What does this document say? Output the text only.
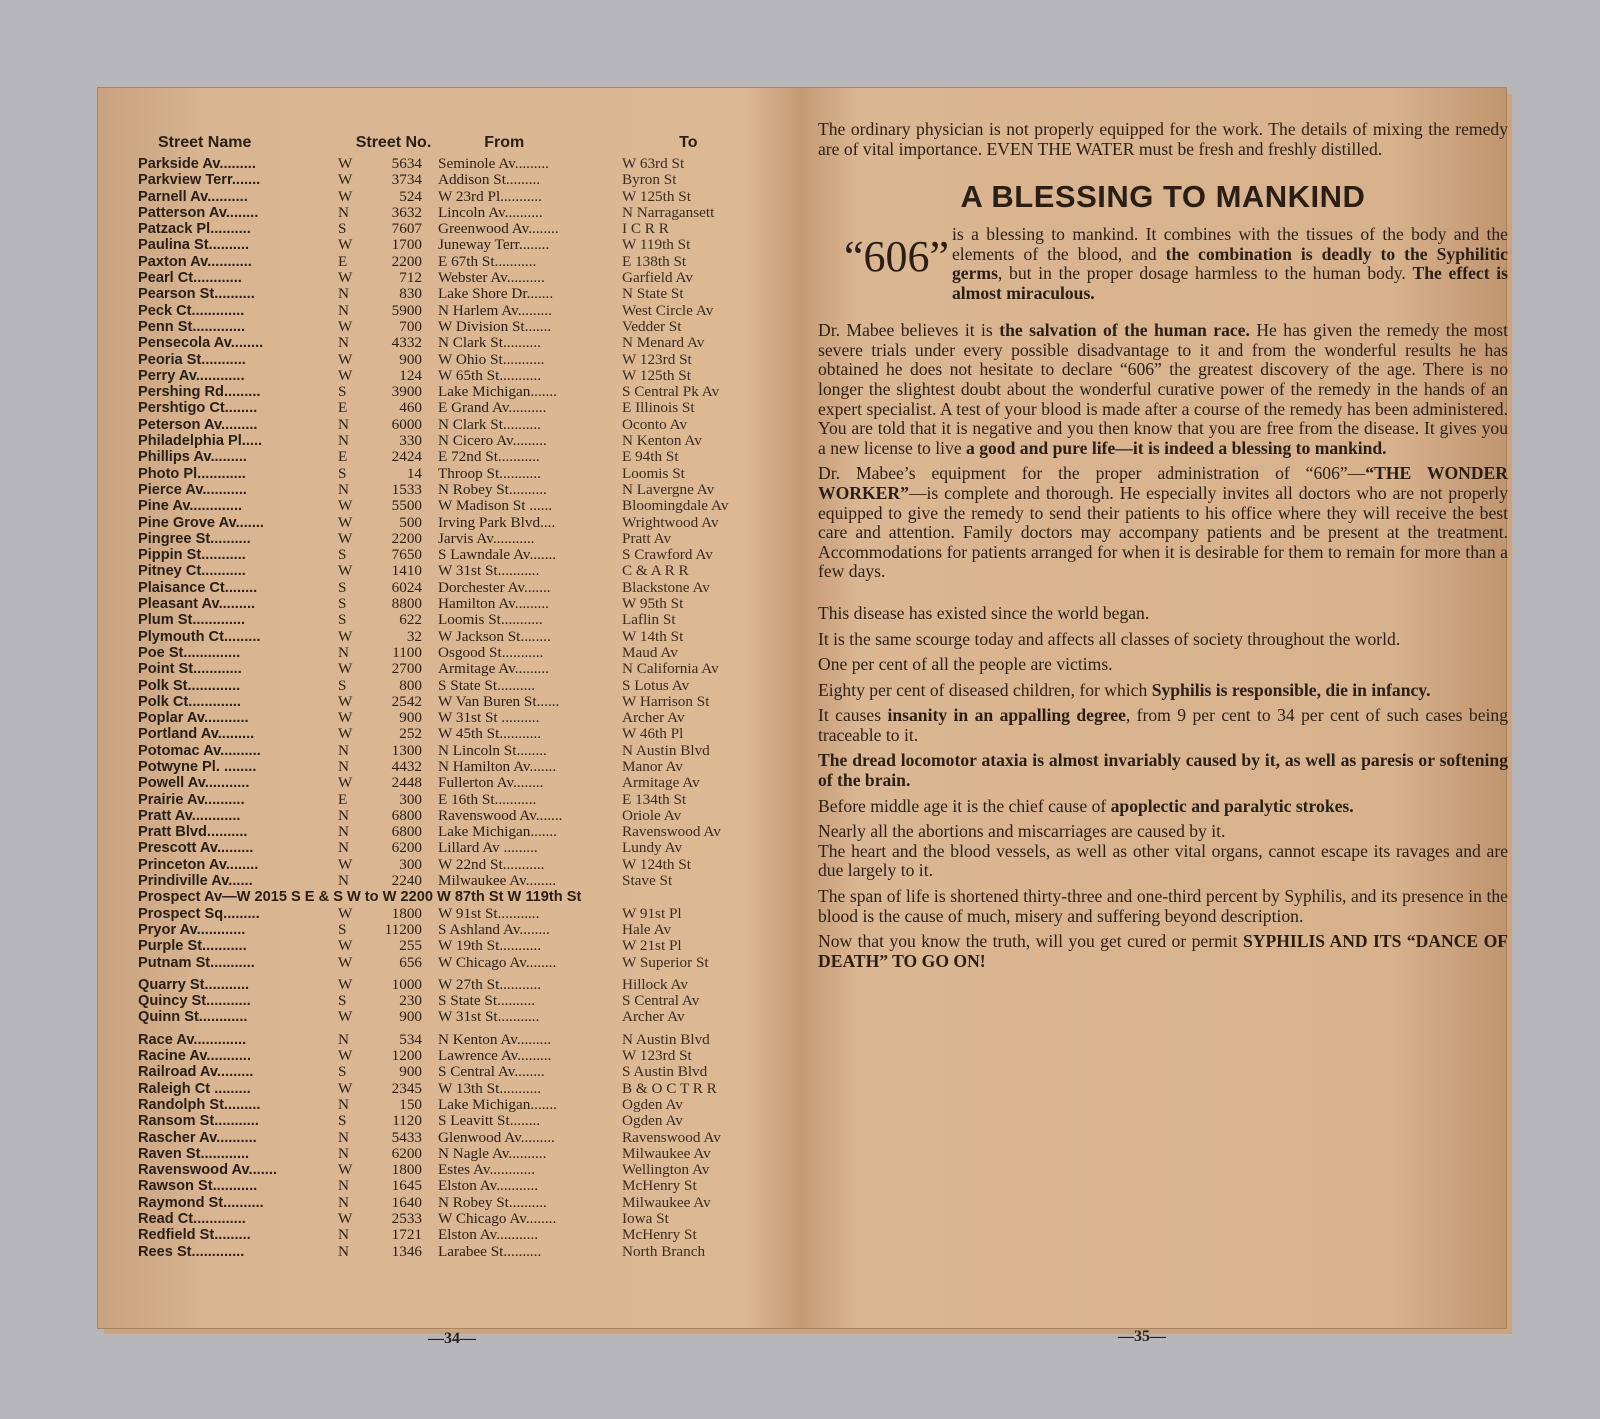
Street Name	Street No.	From	To
Parkside Av.........	W	5634	Seminole Av.........	W 63rd St
Parkview Terr.......	W	3734	Addison St.........	Byron St
Parnell Av..........	W	524	W 23rd Pl...........	W 125th St
Patterson Av........	N	3632	Lincoln Av..........	N Narragansett
Patzack Pl..........	S	7607	Greenwood Av........	I C R R
Paulina St..........	W	1700	Juneway Terr........	W 119th St
Paxton Av...........	E	2200	E 67th St...........	E 138th St
Pearl Ct............	W	712	Webster Av..........	Garfield Av
Pearson St..........	N	830	Lake Shore Dr.......	N State St
Peck Ct.............	N	5900	N Harlem Av.........	West Circle Av
Penn St.............	W	700	W Division St.......	Vedder St
Pensecola Av........	N	4332	N Clark St..........	N Menard Av
Peoria St...........	W	900	W Ohio St...........	W 123rd St
Perry Av............	W	124	W 65th St...........	W 125th St
Pershing Rd.........	S	3900	Lake Michigan.......	S Central Pk Av
Pershtigo Ct........	E	460	E Grand Av..........	E Illinois St
Peterson Av.........	N	6000	N Clark St..........	Oconto Av
Philadelphia Pl.....	N	330	N Cicero Av.........	N Kenton Av
Phillips Av.........	E	2424	E 72nd St...........	E 94th St
Photo Pl............	S	14	Throop St...........	Loomis St
Pierce Av...........	N	1533	N Robey St..........	N Lavergne Av
Pine Av.............	W	5500	W Madison St ......	Bloomingdale Av
Pine Grove Av.......	W	500	Irving Park Blvd....	Wrightwood Av
Pingree St..........	W	2200	Jarvis Av...........	Pratt Av
Pippin St...........	S	7650	S Lawndale Av.......	S Crawford Av
Pitney Ct...........	W	1410	W 31st St...........	C & A R R
Plaisance Ct........	S	6024	Dorchester Av.......	Blackstone Av
Pleasant Av.........	S	8800	Hamilton Av.........	W 95th St
Plum St.............	S	622	Loomis St...........	Laflin St
Plymouth Ct.........	W	32	W Jackson St........	W 14th St
Poe St..............	N	1100	Osgood St...........	Maud Av
Point St............	W	2700	Armitage Av.........	N California Av
Polk St.............	S	800	S State St..........	S Lotus Av
Polk Ct.............	W	2542	W Van Buren St......	W Harrison St
Poplar Av...........	W	900	W 31st St ..........	Archer Av
Portland Av.........	W	252	W 45th St...........	W 46th Pl
Potomac Av..........	N	1300	N Lincoln St........	N Austin Blvd
Potwyne Pl. ........	N	4432	N Hamilton Av.......	Manor Av
Powell Av...........	W	2448	Fullerton Av........	Armitage Av
Prairie Av..........	E	300	E 16th St...........	E 134th St
Pratt Av............	N	6800	Ravenswood Av.......	Oriole Av
Pratt Blvd..........	N	6800	Lake Michigan.......	Ravenswood Av
Prescott Av.........	N	6200	Lillard Av .........	Lundy Av
Princeton Av........	W	300	W 22nd St...........	W 124th St
Prindiville Av......	N	2240	Milwaukee Av........	Stave St
Prospect Av—W 2015 S E & S W to W 2200 W 87th St W 119th St
Prospect Sq.........	W	1800	W 91st St...........	W 91st Pl
Pryor Av............	S	11200	S Ashland Av........	Hale Av
Purple St...........	W	255	W 19th St...........	W 21st Pl
Putnam St...........	W	656	W Chicago Av........	W Superior St
Quarry St...........	W	1000	W 27th St...........	Hillock Av
Quincy St...........	S	230	S State St..........	S Central Av
Quinn St............	W	900	W 31st St...........	Archer Av
Race Av.............	N	534	N Kenton Av.........	N Austin Blvd
Racine Av...........	W	1200	Lawrence Av.........	W 123rd St
Railroad Av.........	S	900	S Central Av........	S Austin Blvd
Raleigh Ct .........	W	2345	W 13th St...........	B & O C T R R
Randolph St.........	N	150	Lake Michigan.......	Ogden Av
Ransom St...........	S	1120	S Leavitt St........	Ogden Av
Rascher Av..........	N	5433	Glenwood Av.........	Ravenswood Av
Raven St............	N	6200	N Nagle Av..........	Milwaukee Av
Ravenswood Av.......	W	1800	Estes Av............	Wellington Av
Rawson St...........	N	1645	Elston Av...........	McHenry St
Raymond St..........	N	1640	N Robey St..........	Milwaukee Av
Read Ct.............	W	2533	W Chicago Av........	Iowa St
Redfield St.........	N	1721	Elston Av...........	McHenry St
Rees St.............	N	1346	Larabee St..........	North Branch
—34—

The ordinary physician is not properly equipped for the work. The details of mixing the remedy are of vital importance. EVEN THE WATER must be fresh and freshly distilled.

A BLESSING TO MANKIND
“606” is a blessing to mankind. It combines with the tissues of the body and the elements of the blood, and the combination is deadly to the Syphilitic germs, but in the proper dosage harmless to the human body. The effect is almost miraculous.

Dr. Mabee believes it is the salvation of the human race. He has given the remedy the most severe trials under every possible disadvantage to it and from the wonderful results he has obtained he does not hesitate to declare “606” the greatest discovery of the age. There is no longer the slightest doubt about the wonderful curative power of the remedy in the hands of an expert specialist. A test of your blood is made after a course of the remedy has been administered. You are told that it is negative and you then know that you are free from the disease. It gives you a new license to live a good and pure life—it is indeed a blessing to mankind.

Dr. Mabee’s equipment for the proper administration of “606”—“THE WONDER WORKER”—is complete and thorough. He especially invites all doctors who are not properly equipped to give the remedy to send their patients to his office where they will receive the best care and attention. Family doctors may accompany patients and be present at the treatment. Accommodations for patients arranged for when it is desirable for them to remain for more than a few days.

This disease has existed since the world began.

It is the same scourge today and affects all classes of society throughout the world.

One per cent of all the people are victims.

Eighty per cent of diseased children, for which Syphilis is responsible, die in infancy.

It causes insanity in an appalling degree, from 9 per cent to 34 per cent of such cases being traceable to it.

The dread locomotor ataxia is almost invariably caused by it, as well as paresis or softening of the brain.

Before middle age it is the chief cause of apoplectic and paralytic strokes.

Nearly all the abortions and miscarriages are caused by it.

The heart and the blood vessels, as well as other vital organs, cannot escape its ravages and are due largely to it.

The span of life is shortened thirty-three and one-third percent by Syphilis, and its presence in the blood is the cause of much, misery and suffering beyond description.

Now that you know the truth, will you get cured or permit SYPHILIS AND ITS “DANCE OF DEATH” TO GO ON!

—35—
